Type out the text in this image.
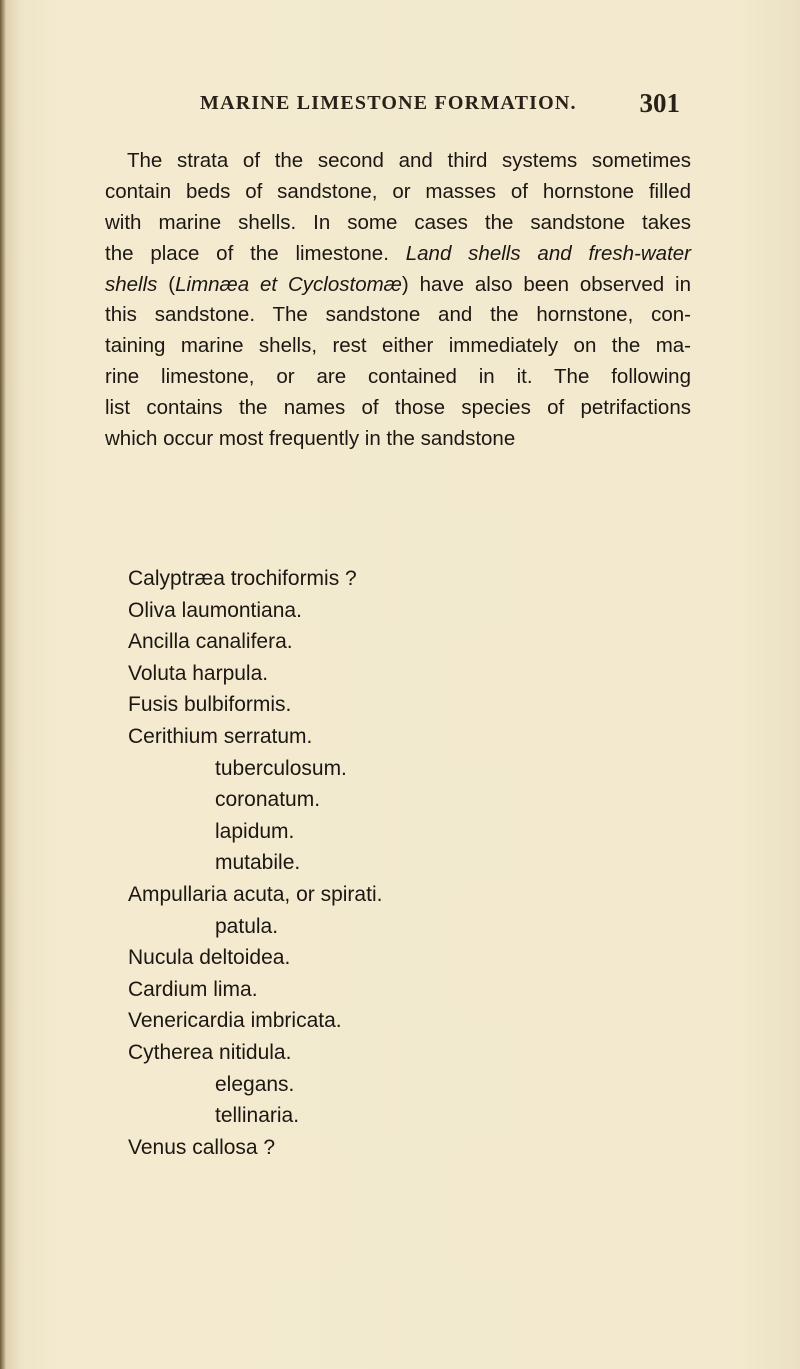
MARINE LIMESTONE FORMATION. 301
The strata of the second and third systems sometimes
contain beds of sandstone, or masses of hornstone filled
with marine shells. In some cases the sandstone takes
the place of the limestone. Land shells and fresh-water
shells (Limnæa et Cyclostomæ) have also been observed in
this sandstone. The sandstone and the hornstone, con-
taining marine shells, rest either immediately on the ma-
rine limestone, or are contained in it. The following
list contains the names of those species of petrifactions
which occur most frequently in the sandstone
Calyptræa trochiformis ?
Oliva laumontiana.
Ancilla canalifera.
Voluta harpula.
Fusis bulbiformis.
Cerithium serratum.
tuberculosum.
coronatum.
lapidum.
mutabile.
Ampullaria acuta, or spirati.
patula.
Nucula deltoidea.
Cardium lima.
Venericardia imbricata.
Cytherea nitidula.
elegans.
tellinaria.
Venus callosa ?
